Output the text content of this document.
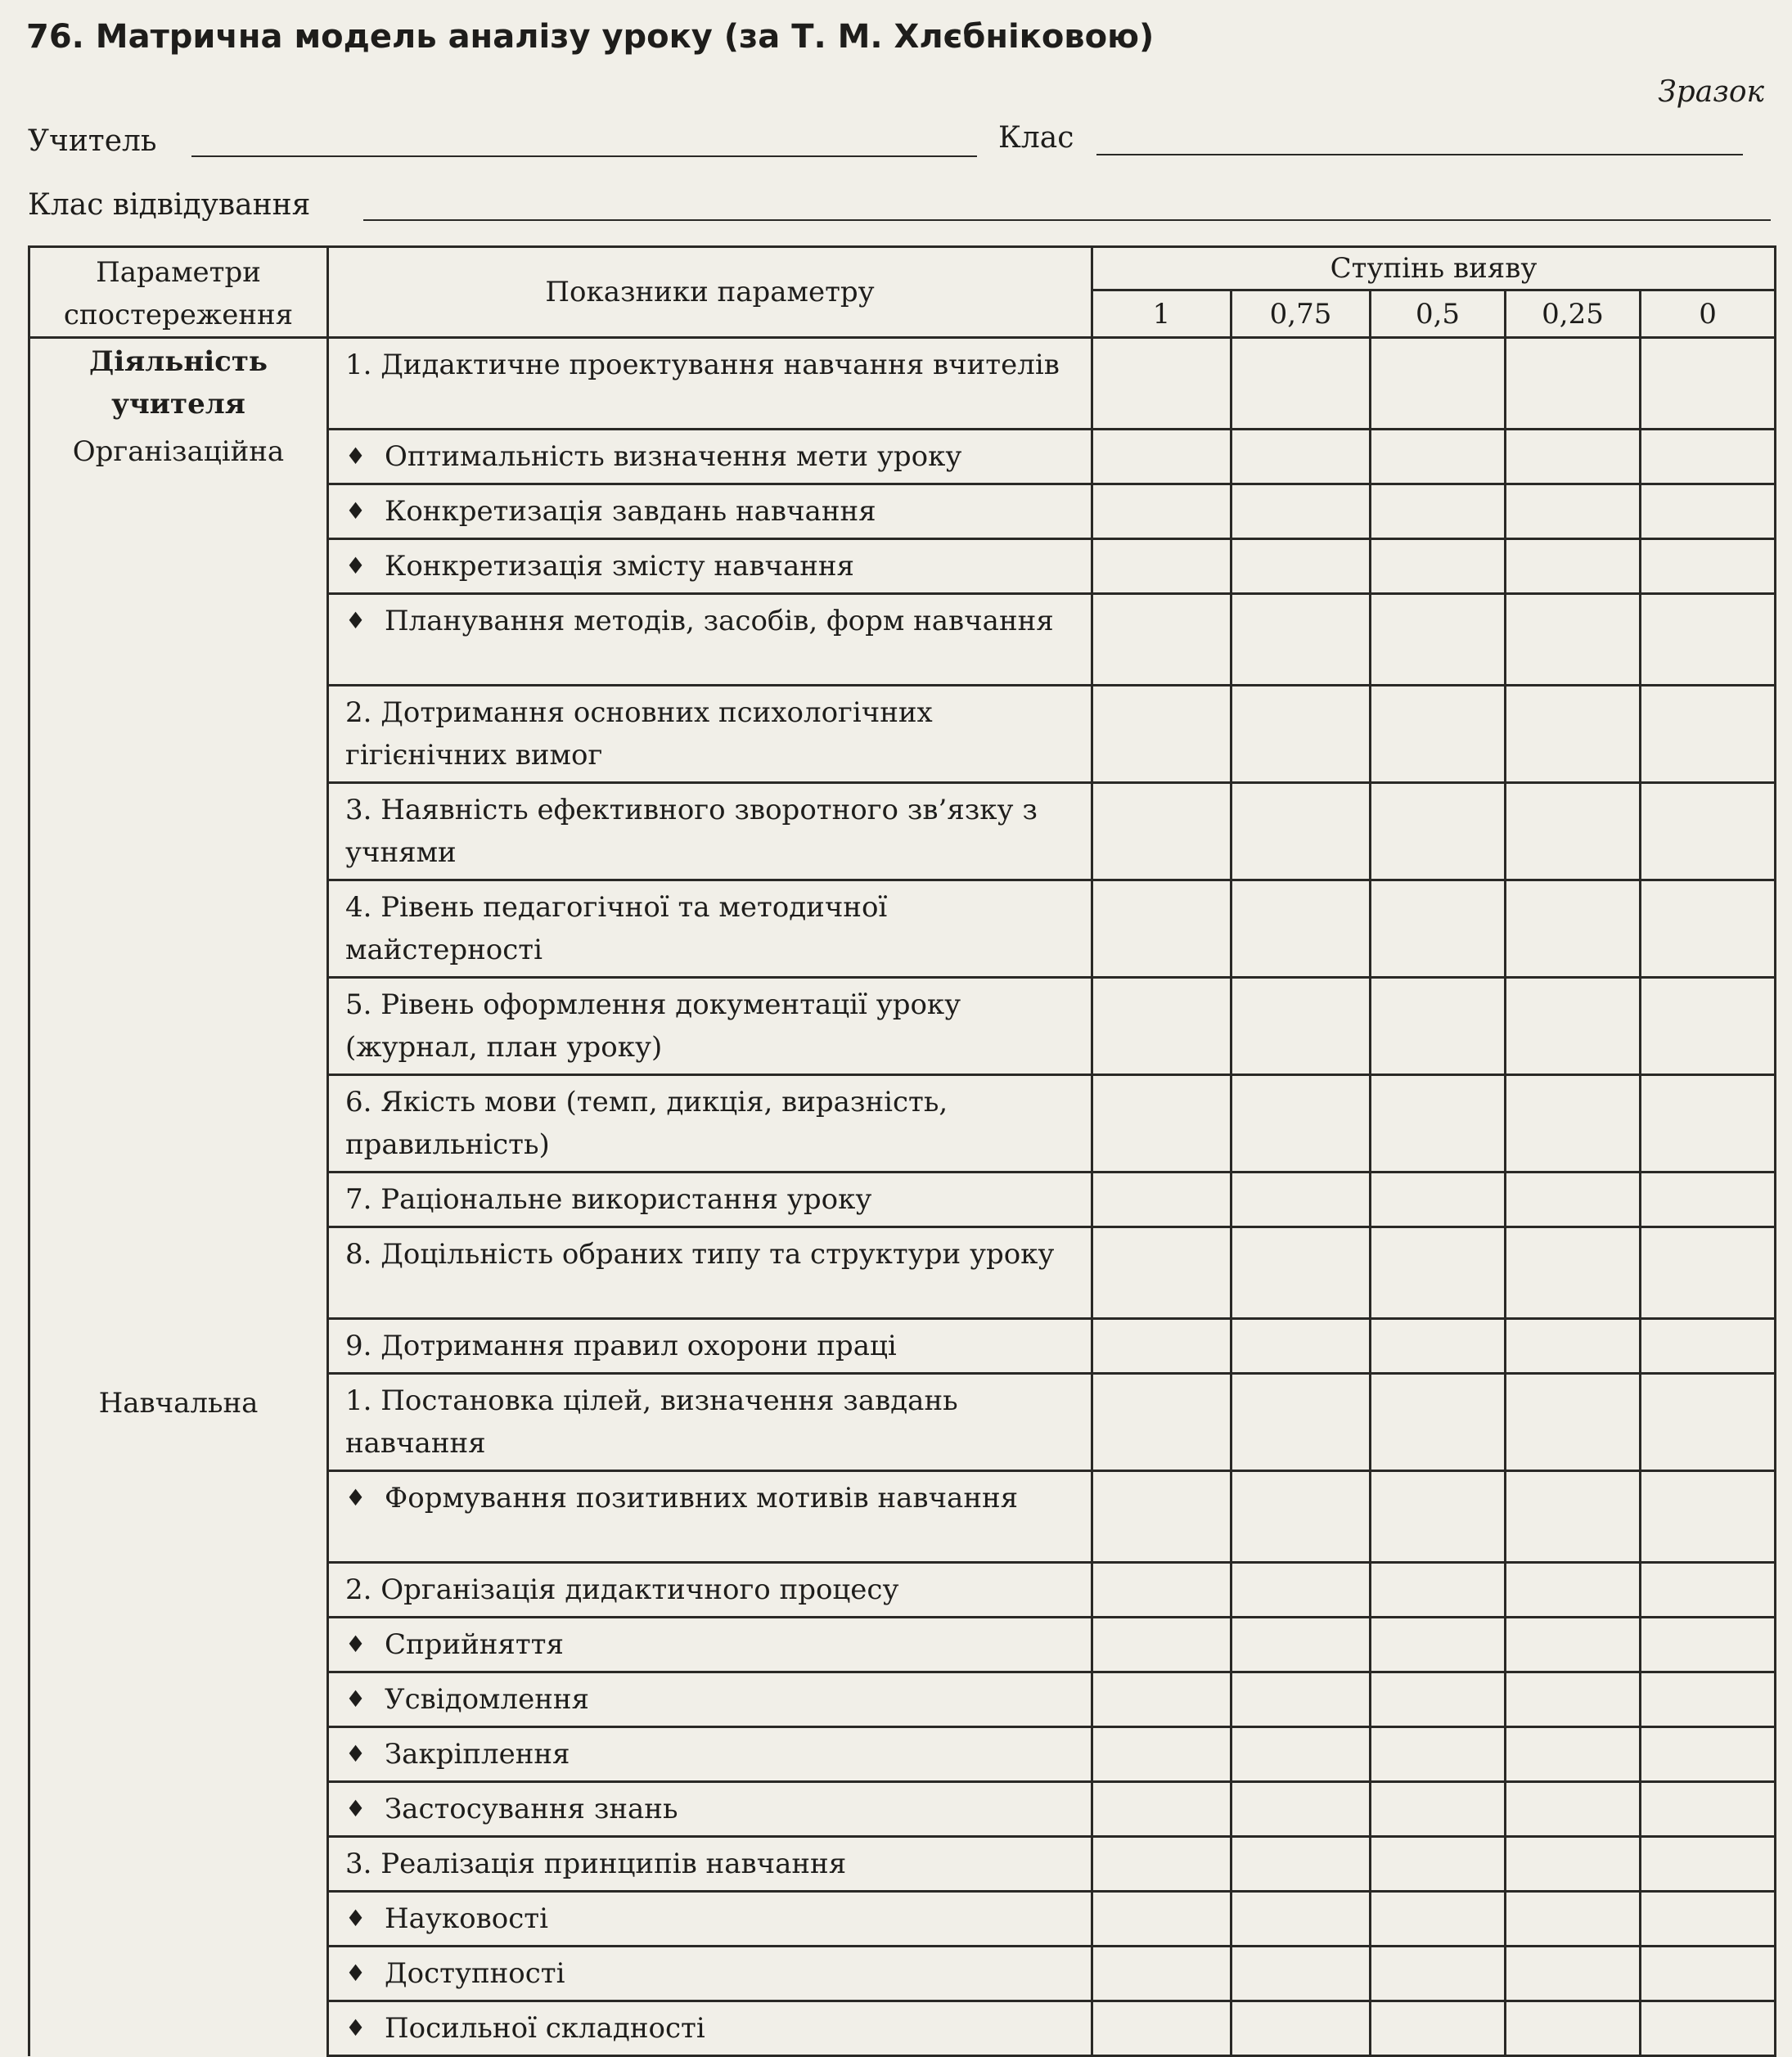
76. Матрична модель аналізу уроку (за Т. М. Хлєбніковою)
Зразок
Учитель	Клас
Клас відвідування
Параметри спостереження	Показники параметру	Ступінь вияву				
		1	0,75	0,5	0,25	0

Діяльність учителя
Організаційна	1. Дидактичне проектування навчання вчителів					
	♦ Оптимальність визначення мети уроку					
	♦ Конкретизація завдань навчання					
	♦ Конкретизація змісту навчання					
	♦ Планування методів, засобів, форм навчання					
	2. Дотримання основних психологічних гігієнічних вимог					
	3. Наявність ефективного зворотного зв’язку з учнями					
	4. Рівень педагогічної та методичної майстерності					
	5. Рівень оформлення документації уроку (журнал, план уроку)					
	6. Якість мови (темп, дикція, виразність, правильність)					
	7. Раціональне використання уроку					
	8. Доцільність обраних типу та структури уроку					
	9. Дотримання правил охорони праці					

Навчальна	1. Постановка цілей, визначення завдань навчання					
	♦ Формування позитивних мотивів навчання					
	2. Організація дидактичного процесу					
	♦ Сприйняття					
	♦ Усвідомлення					
	♦ Закріплення					
	♦ Застосування знань					
	3. Реалізація принципів навчання					
	♦ Науковості					
	♦ Доступності					
	♦ Посильної складності					
